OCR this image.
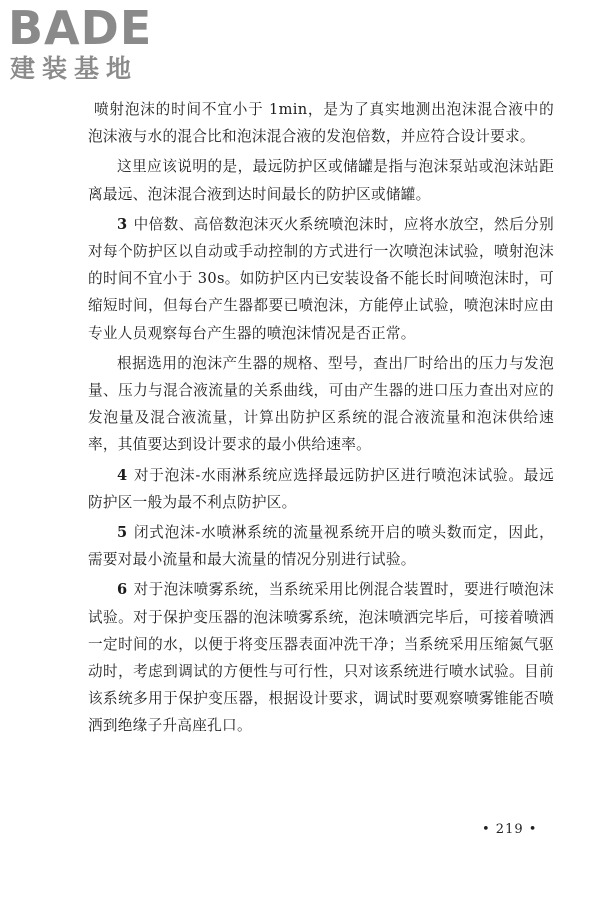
BADE
建装基地

喷射泡沫的时间不宜小于 1min，是为了真实地测出泡沫混合液中的泡沫液与水的混合比和泡沫混合液的发泡倍数，并应符合设计要求。

这里应该说明的是，最远防护区或储罐是指与泡沫泵站或泡沫站距离最远、泡沫混合液到达时间最长的防护区或储罐。

3 中倍数、高倍数泡沫灭火系统喷泡沫时，应将水放空，然后分别对每个防护区以自动或手动控制的方式进行一次喷泡沫试验，喷射泡沫的时间不宜小于 30s。如防护区内已安装设备不能长时间喷泡沫时，可缩短时间，但每台产生器都要已喷泡沫，方能停止试验，喷泡沫时应由专业人员观察每台产生器的喷泡沫情况是否正常。

根据选用的泡沫产生器的规格、型号，查出厂时给出的压力与发泡量、压力与混合液流量的关系曲线，可由产生器的进口压力查出对应的发泡量及混合液流量，计算出防护区系统的混合液流量和泡沫供给速率，其值要达到设计要求的最小供给速率。

4 对于泡沫-水雨淋系统应选择最远防护区进行喷泡沫试验。最远防护区一般为最不利点防护区。

5 闭式泡沫-水喷淋系统的流量视系统开启的喷头数而定，因此，需要对最小流量和最大流量的情况分别进行试验。

6 对于泡沫喷雾系统，当系统采用比例混合装置时，要进行喷泡沫试验。对于保护变压器的泡沫喷雾系统，泡沫喷洒完毕后，可接着喷洒一定时间的水，以便于将变压器表面冲洗干净；当系统采用压缩氮气驱动时，考虑到调试的方便性与可行性，只对该系统进行喷水试验。目前该系统多用于保护变压器，根据设计要求，调试时要观察喷雾锥能否喷洒到绝缘子升高座孔口。

• 219 •
